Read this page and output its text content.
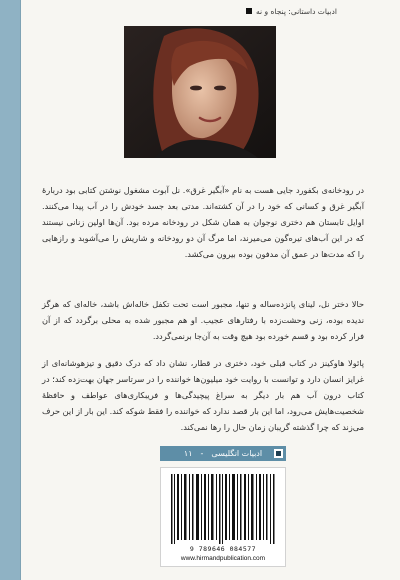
ادبیات داستانی: پنجاه و نه
در رودخانه‌ی بکفورد جایی هست به نام «آبگیر غرق». نل آبوت مشغول نوشتن کتابی بود دربارهٔ آبگیر غرق و کسانی که خود را در آن کشته‌اند. مدتی بعد جسد خودش را در آب پیدا می‌کنند. اوایل تابستان هم دختری نوجوان به همان شکل در رودخانه مرده بود. آن‌ها اولین زنانی نیستند که در این آب‌های تیره‌گون می‌میرند، اما مرگ آن دو رودخانه و شاریش را می‌آشوبد و رازهایی را که مدت‌ها در عمق آن مدفون بوده بیرون می‌کشد.
حالا دختر نل، لینای پانزده‌ساله و تنها، مجبور است تحت تکفل خاله‌اش باشد، خاله‌ای که هرگز ندیده بوده، زنی وحشت‌زده با رفتارهای عجیب. او هم مجبور شده به محلی برگردد که از آن فرار کرده بود و قسم خورده بود هیچ وقت به آن‌جا برنمی‌گردد.
پائولا هاوکینز در کتاب قبلی خود، دختری در قطار، نشان داد که درک دقیق و تیزهوشانه‌ای از غرایز انسان دارد و توانست با روایت خود میلیون‌ها خواننده را در سرتاسر جهان بهت‌زده کند؛ در کتاب درون آب هم بار دیگر به سراغ پیچیدگی‌ها و فریبکاری‌های عواطف و حافظهٔ شخصیت‌هایش می‌رود، اما این بار قصد ندارد که خواننده را فقط شوکه کند. این بار از این حرف می‌زند که چرا گذشته گریبان زمان حال را رها نمی‌کند.
ادبیات انگلیسی
-
۱۱
9 789646 084577
www.hirmandpublication.com
